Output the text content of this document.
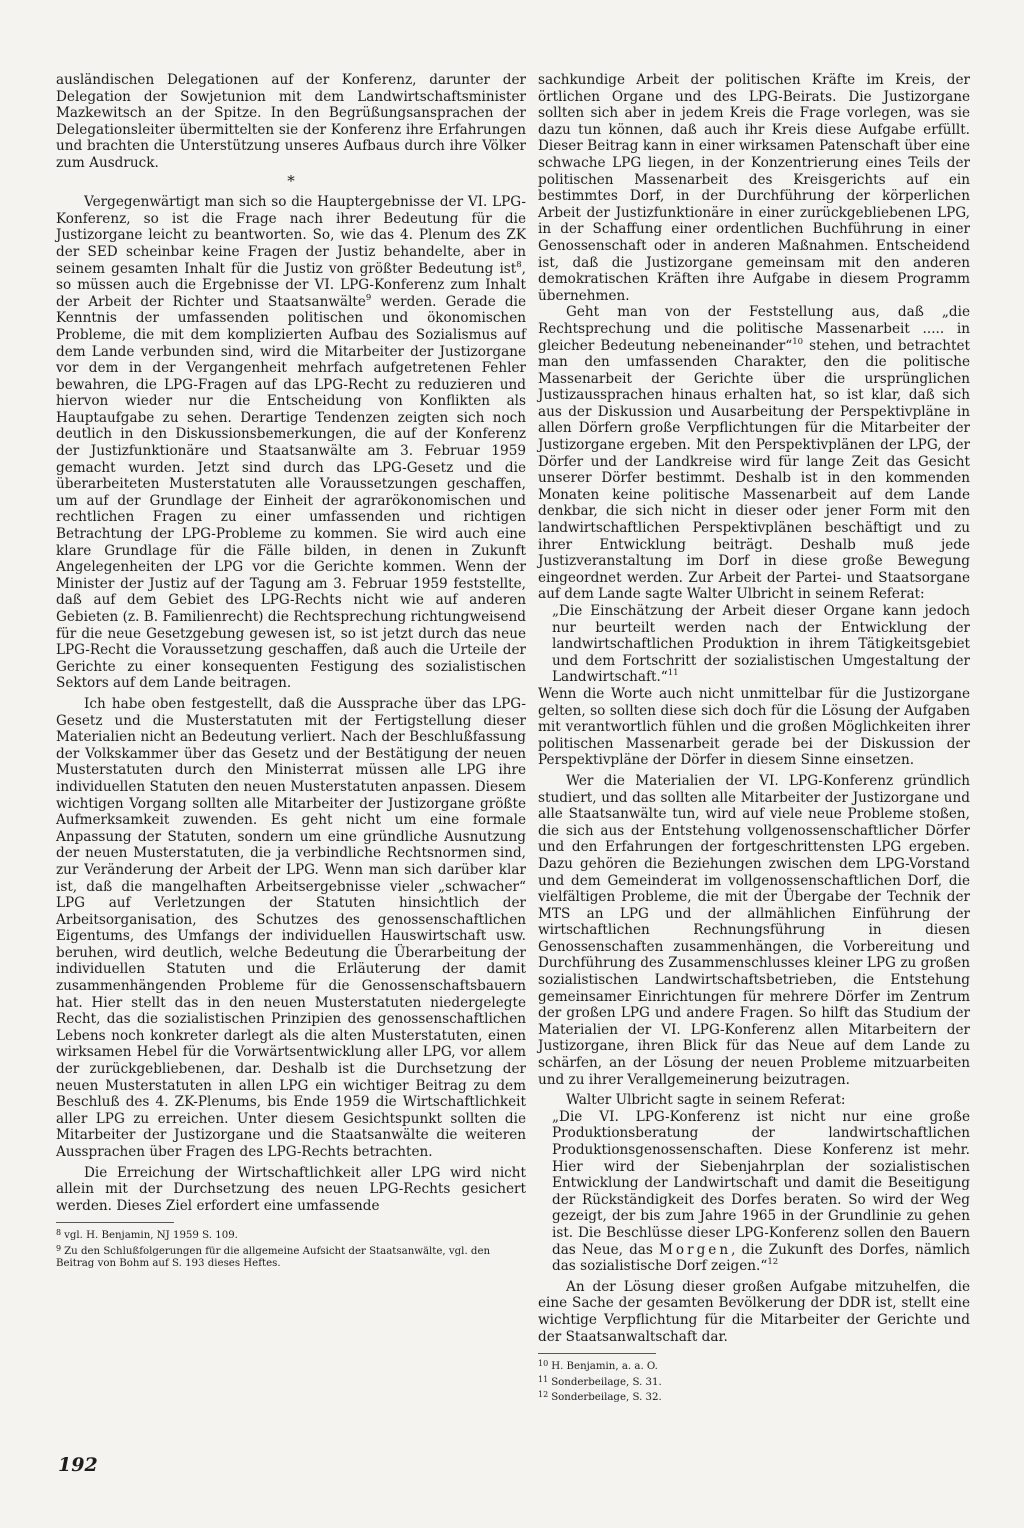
ausländischen Delegationen auf der Konferenz, darunter der Delegation der Sowjetunion mit dem Landwirtschaftsminister Mazkewitsch an der Spitze. In den Begrüßungsansprachen der Delegationsleiter übermittelten sie der Konferenz ihre Erfahrungen und brachten die Unterstützung unseres Aufbaus durch ihre Völker zum Ausdruck.

*

Vergegenwärtigt man sich so die Hauptergebnisse der VI. LPG-Konferenz, so ist die Frage nach ihrer Bedeutung für die Justizorgane leicht zu beantworten. So, wie das 4. Plenum des ZK der SED scheinbar keine Fragen der Justiz behandelte, aber in seinem gesamten Inhalt für die Justiz von größter Bedeutung ist$^8$, so müssen auch die Ergebnisse der VI. LPG-Konferenz zum Inhalt der Arbeit der Richter und Staatsanwälte$^9$ werden. Gerade die Kenntnis der umfassenden politischen und ökonomischen Probleme, die mit dem komplizierten Aufbau des Sozialismus auf dem Lande verbunden sind, wird die Mitarbeiter der Justizorgane vor dem in der Vergangenheit mehrfach aufgetretenen Fehler bewahren, die LPG-Fragen auf das LPG-Recht zu reduzieren und hiervon wieder nur die Entscheidung von Konflikten als Hauptaufgabe zu sehen. Derartige Tendenzen zeigten sich noch deutlich in den Diskussionsbemerkungen, die auf der Konferenz der Justizfunktionäre und Staatsanwälte am 3. Februar 1959 gemacht wurden. Jetzt sind durch das LPG-Gesetz und die überarbeiteten Musterstatuten alle Voraussetzungen geschaffen, um auf der Grundlage der Einheit der agrarökonomischen und rechtlichen Fragen zu einer umfassenden und richtigen Betrachtung der LPG-Probleme zu kommen. Sie wird auch eine klare Grundlage für die Fälle bilden, in denen in Zukunft Angelegenheiten der LPG vor die Gerichte kommen. Wenn der Minister der Justiz auf der Tagung am 3. Februar 1959 feststellte, daß auf dem Gebiet des LPG-Rechts nicht wie auf anderen Gebieten (z. B. Familienrecht) die Rechtsprechung richtungweisend für die neue Gesetzgebung gewesen ist, so ist jetzt durch das neue LPG-Recht die Voraussetzung geschaffen, daß auch die Urteile der Gerichte zu einer konsequenten Festigung des sozialistischen Sektors auf dem Lande beitragen.

Ich habe oben festgestellt, daß die Aussprache über das LPG-Gesetz und die Musterstatuten mit der Fertigstellung dieser Materialien nicht an Bedeutung verliert. Nach der Beschlußfassung der Volkskammer über das Gesetz und der Bestätigung der neuen Musterstatuten durch den Ministerrat müssen alle LPG ihre individuellen Statuten den neuen Musterstatuten anpassen. Diesem wichtigen Vorgang sollten alle Mitarbeiter der Justizorgane größte Aufmerksamkeit zuwenden. Es geht nicht um eine formale Anpassung der Statuten, sondern um eine gründliche Ausnutzung der neuen Musterstatuten, die ja verbindliche Rechtsnormen sind, zur Veränderung der Arbeit der LPG. Wenn man sich darüber klar ist, daß die mangelhaften Arbeitsergebnisse vieler „schwacher“ LPG auf Verletzungen der Statuten hinsichtlich der Arbeitsorganisation, des Schutzes des genossenschaftlichen Eigentums, des Umfangs der individuellen Hauswirtschaft usw. beruhen, wird deutlich, welche Bedeutung die Überarbeitung der individuellen Statuten und die Erläuterung der damit zusammenhängenden Probleme für die Genossenschaftsbauern hat. Hier stellt das in den neuen Musterstatuten niedergelegte Recht, das die sozialistischen Prinzipien des genossenschaftlichen Lebens noch konkreter darlegt als die alten Musterstatuten, einen wirksamen Hebel für die Vorwärtsentwicklung aller LPG, vor allem der zurückgebliebenen, dar. Deshalb ist die Durchsetzung der neuen Musterstatuten in allen LPG ein wichtiger Beitrag zu dem Beschluß des 4. ZK-Plenums, bis Ende 1959 die Wirtschaftlichkeit aller LPG zu erreichen. Unter diesem Gesichtspunkt sollten die Mitarbeiter der Justizorgane und die Staatsanwälte die weiteren Aussprachen über Fragen des LPG-Rechts betrachten.

Die Erreichung der Wirtschaftlichkeit aller LPG wird nicht allein mit der Durchsetzung des neuen LPG-Rechts gesichert werden. Dieses Ziel erfordert eine umfassende

$^8$ vgl. H. Benjamin, NJ 1959 S. 109.
$^9$ Zu den Schlußfolgerungen für die allgemeine Aufsicht der Staatsanwälte, vgl. den Beitrag von Bohm auf S. 193 dieses Heftes.

sachkundige Arbeit der politischen Kräfte im Kreis, der örtlichen Organe und des LPG-Beirats. Die Justizorgane sollten sich aber in jedem Kreis die Frage vorlegen, was sie dazu tun können, daß auch ihr Kreis diese Aufgabe erfüllt. Dieser Beitrag kann in einer wirksamen Patenschaft über eine schwache LPG liegen, in der Konzentrierung eines Teils der politischen Massenarbeit des Kreisgerichts auf ein bestimmtes Dorf, in der Durchführung der körperlichen Arbeit der Justizfunktionäre in einer zurückgebliebenen LPG, in der Schaffung einer ordentlichen Buchführung in einer Genossenschaft oder in anderen Maßnahmen. Entscheidend ist, daß die Justizorgane gemeinsam mit den anderen demokratischen Kräften ihre Aufgabe in diesem Programm übernehmen.

Geht man von der Feststellung aus, daß „die Rechtsprechung und die politische Massenarbeit ..... in gleicher Bedeutung nebeneinander“$^{10}$ stehen, und betrachtet man den umfassenden Charakter, den die politische Massenarbeit der Gerichte über die ursprünglichen Justizaussprachen hinaus erhalten hat, so ist klar, daß sich aus der Diskussion und Ausarbeitung der Perspektivpläne in allen Dörfern große Verpflichtungen für die Mitarbeiter der Justizorgane ergeben. Mit den Perspektivplänen der LPG, der Dörfer und der Landkreise wird für lange Zeit das Gesicht unserer Dörfer bestimmt. Deshalb ist in den kommenden Monaten keine politische Massenarbeit auf dem Lande denkbar, die sich nicht in dieser oder jener Form mit den landwirtschaftlichen Perspektivplänen beschäftigt und zu ihrer Entwicklung beiträgt. Deshalb muß jede Justizveranstaltung im Dorf in diese große Bewegung eingeordnet werden. Zur Arbeit der Partei- und Staatsorgane auf dem Lande sagte Walter Ulbricht in seinem Referat:

„Die Einschätzung der Arbeit dieser Organe kann jedoch nur beurteilt werden nach der Entwicklung der landwirtschaftlichen Produktion in ihrem Tätigkeitsgebiet und dem Fortschritt der sozialistischen Umgestaltung der Landwirtschaft.“$^{11}$

Wenn die Worte auch nicht unmittelbar für die Justizorgane gelten, so sollten diese sich doch für die Lösung der Aufgaben mit verantwortlich fühlen und die großen Möglichkeiten ihrer politischen Massenarbeit gerade bei der Diskussion der Perspektivpläne der Dörfer in diesem Sinne einsetzen.

Wer die Materialien der VI. LPG-Konferenz gründlich studiert, und das sollten alle Mitarbeiter der Justizorgane und alle Staatsanwälte tun, wird auf viele neue Probleme stoßen, die sich aus der Entstehung vollgenossenschaftlicher Dörfer und den Erfahrungen der fortgeschrittensten LPG ergeben. Dazu gehören die Beziehungen zwischen dem LPG-Vorstand und dem Gemeinderat im vollgenossenschaftlichen Dorf, die vielfältigen Probleme, die mit der Übergabe der Technik der MTS an LPG und der allmählichen Einführung der wirtschaftlichen Rechnungsführung in diesen Genossenschaften zusammenhängen, die Vorbereitung und Durchführung des Zusammenschlusses kleiner LPG zu großen sozialistischen Landwirtschaftsbetrieben, die Entstehung gemeinsamer Einrichtungen für mehrere Dörfer im Zentrum der großen LPG und andere Fragen. So hilft das Studium der Materialien der VI. LPG-Konferenz allen Mitarbeitern der Justizorgane, ihren Blick für das Neue auf dem Lande zu schärfen, an der Lösung der neuen Probleme mitzuarbeiten und zu ihrer Verallgemeinerung beizutragen.

Walter Ulbricht sagte in seinem Referat:

„Die VI. LPG-Konferenz ist nicht nur eine große Produktionsberatung der landwirtschaftlichen Produktionsgenossenschaften. Diese Konferenz ist mehr. Hier wird der Siebenjahrplan der sozialistischen Entwicklung der Landwirtschaft und damit die Beseitigung der Rückständigkeit des Dorfes beraten. So wird der Weg gezeigt, der bis zum Jahre 1965 in der Grundlinie zu gehen ist. Die Beschlüsse dieser LPG-Konferenz sollen den Bauern das Neue, das Morgen, die Zukunft des Dorfes, nämlich das sozialistische Dorf zeigen.“$^{12}$

An der Lösung dieser großen Aufgabe mitzuhelfen, die eine Sache der gesamten Bevölkerung der DDR ist, stellt eine wichtige Verpflichtung für die Mitarbeiter der Gerichte und der Staatsanwaltschaft dar.

$^{10}$ H. Benjamin, a. a. O.
$^{11}$ Sonderbeilage, S. 31.
$^{12}$ Sonderbeilage, S. 32.
192
